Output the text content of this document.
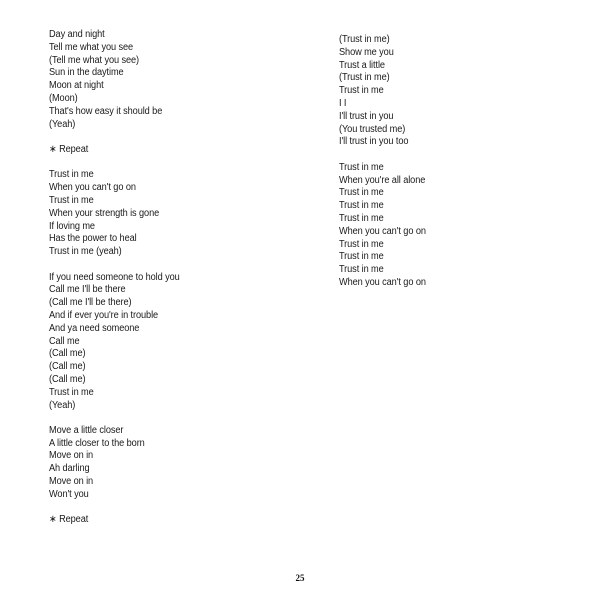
Day and night
Tell me what you see
(Tell me what you see)
Sun in the daytime
Moon at night
(Moon)
That's how easy it should be
(Yeah)
∗ Repeat
Trust in me
When you can't go on
Trust in me
When your strength is gone
If loving me
Has the power to heal
Trust in me (yeah)
If you need someone to hold you
Call me I'll be there
(Call me I'll be there)
And if ever you're in trouble
And ya need someone
Call me
(Call me)
(Call me)
(Call me)
Trust in me
(Yeah)
Move a little closer
A little closer to the born
Move on in
Ah darling
Move on in
Won't you
∗ Repeat
(Trust in me)
Show me you
Trust a little
(Trust in me)
Trust in me
I I
I'll trust in you
(You trusted me)
I'll trust in you too
Trust in me
When you're all alone
Trust in me
Trust in me
Trust in me
When you can't go on
Trust in me
Trust in me
Trust in me
When you can't go on
25
